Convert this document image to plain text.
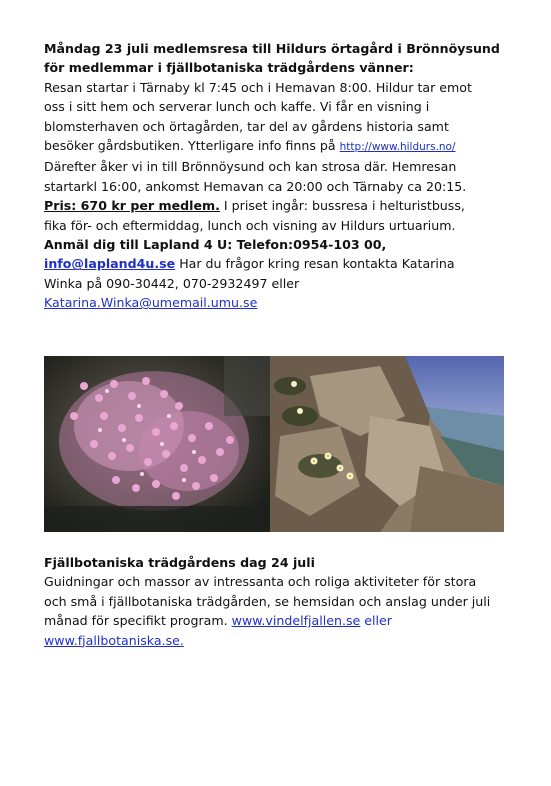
Måndag 23 juli medlemsresa till Hildurs örtagård i Brönnöysund
för medlemmar i fjällbotaniska trädgårdens vänner:
Resan startar i Tärnaby kl 7:45 och i Hemavan 8:00. Hildur tar emot
oss i sitt hem och serverar lunch och kaffe. Vi får en visning i
blomsterhaven och örtagården, tar del av gårdens historia samt
besöker gårdsbutiken. Ytterligare info finns på http://www.hildurs.no/
Därefter åker vi in till Brönnöysund och kan strosa där. Hemresan
startarkl 16:00, ankomst Hemavan ca 20:00 och Tärnaby ca 20:15.
Pris: 670 kr per medlem. I priset ingår: bussresa i helturistbuss,
fika för- och eftermiddag, lunch och visning av Hildurs urtuarium.
Anmäl dig till Lapland 4 U: Telefon:0954-103 00,
info@lapland4u.se Har du frågor kring resan kontakta Katarina
Winka på 090-30442, 070-2932497 eller
Katarina.Winka@umemail.umu.se
Fjällbotaniska trädgårdens dag 24 juli
Guidningar och massor av intressanta och roliga aktiviteter för stora
och små i fjällbotaniska trädgården, se hemsidan och anslag under juli
månad för specifikt program. www.vindelfjallen.se eller
www.fjallbotaniska.se.
